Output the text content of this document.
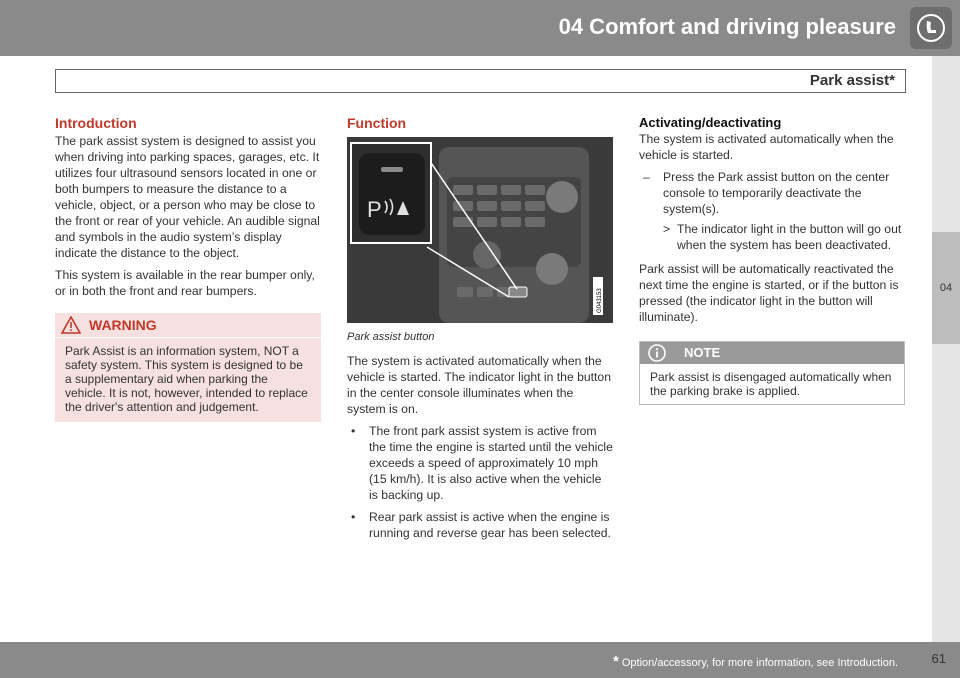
04 Comfort and driving pleasure
Park assist*
04
Introduction

The park assist system is designed to assist you when driving into parking spaces, garages, etc. It utilizes four ultrasound sensors located in one or both bumpers to measure the distance to a vehicle, object, or a person who may be close to the front or rear of your vehicle. An audible signal and symbols in the audio system’s display indicate the distance to the object.

This system is available in the rear bumper only, or in both the front and rear bumpers.

WARNING
Park Assist is an information system, NOT a safety system. This system is designed to be a supplementary aid when parking the vehicle. It is not, however, intended to replace the driver's attention and judgement.
Function
P
G043153
Park assist button

The system is activated automatically when the vehicle is started. The indicator light in the button in the center console illuminates when the system is on.

• The front park assist system is active from the time the engine is started until the vehicle exceeds a speed of approximately 10 mph (15 km/h). It is also active when the vehicle is backing up.
• Rear park assist is active when the engine is running and reverse gear has been selected.
Activating/deactivating

The system is activated automatically when the vehicle is started.

– Press the Park assist button on the center console to temporarily deactivate the system(s).
> The indicator light in the button will go out when the system has been deactivated.

Park assist will be automatically reactivated the next time the engine is started, or if the button is pressed (the indicator light in the button will illuminate).

NOTE
Park assist is disengaged automatically when the parking brake is applied.
* Option/accessory, for more information, see Introduction.	61
